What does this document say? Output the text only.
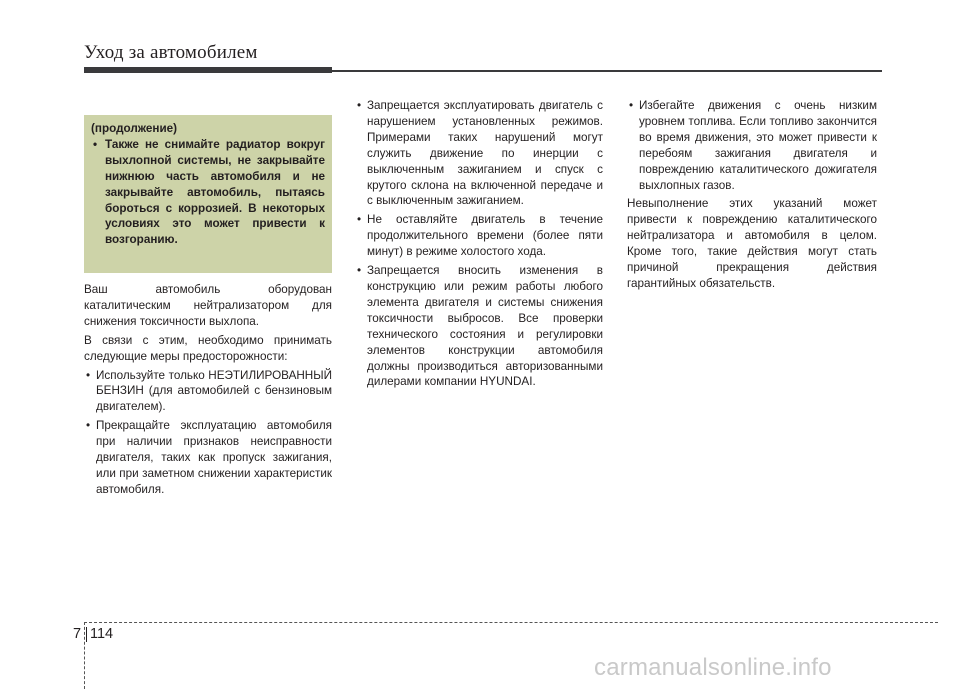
Уход за автомобилем
(продолжение)
• Также не снимайте радиатор вокруг выхлопной системы, не закрывайте нижнюю часть автомобиля и не закрывайте автомобиль, пытаясь бороться с коррозией. В некоторых условиях это может привести к возгоранию.

Ваш автомобиль оборудован каталитическим нейтрализатором для снижения токсичности выхлопа.

В связи с этим, необходимо принимать следующие меры предосторожности:

• Используйте только НЕЭТИЛИРОВАННЫЙ БЕНЗИН (для автомобилей с бензиновым двигателем).
• Прекращайте эксплуатацию автомобиля при наличии признаков неисправности двигателя, таких как пропуск зажигания, или при заметном снижении характеристик автомобиля.
• Запрещается эксплуатировать двигатель с нарушением установленных режимов. Примерами таких нарушений могут служить движение по инерции с выключенным зажиганием и спуск с крутого склона на включенной передаче и с выключенным зажиганием.
• Не оставляйте двигатель в течение продолжительного времени (более пяти минут) в режиме холостого хода.
• Запрещается вносить изменения в конструкцию или режим работы любого элемента двигателя и системы снижения токсичности выбросов. Все проверки технического состояния и регулировки элементов конструкции автомобиля должны производиться авторизованными дилерами компании HYUNDAI.
• Избегайте движения с очень низким уровнем топлива. Если топливо закончится во время движения, это может привести к перебоям зажигания двигателя и повреждению каталитического дожигателя выхлопных газов.

Невыполнение этих указаний может привести к повреждению каталитического нейтрализатора и автомобиля в целом. Кроме того, такие действия могут стать причиной прекращения действия гарантийных обязательств.

7 114
carmanualsonline.info
